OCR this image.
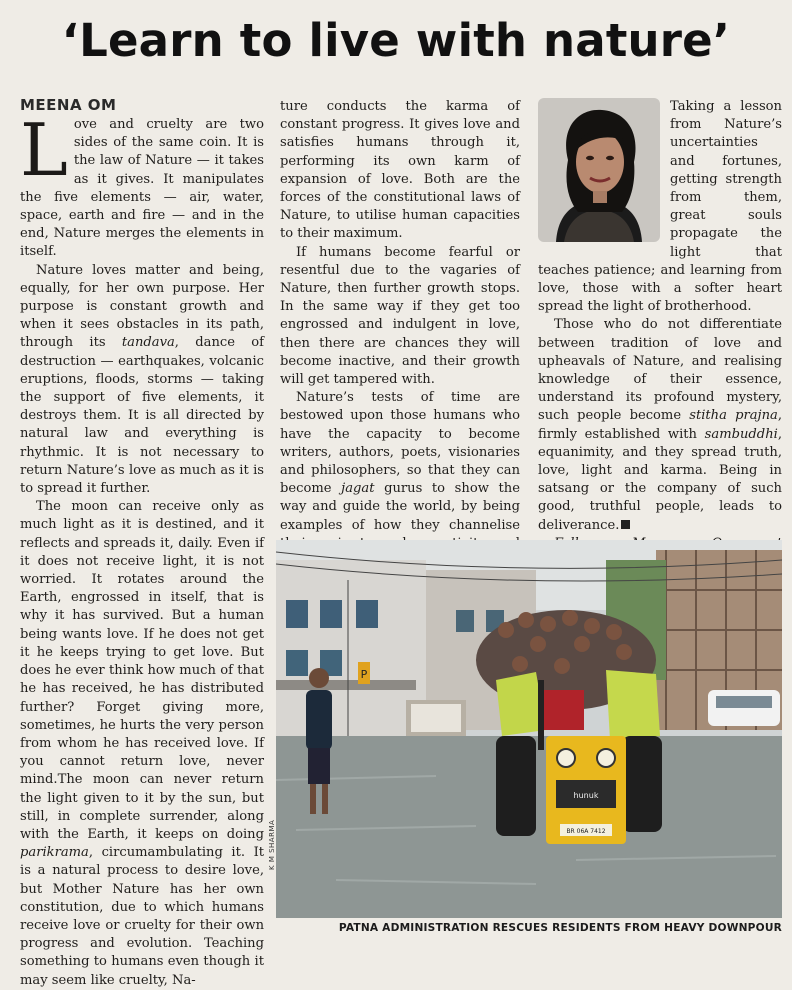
‘Learn to live with nature’
MEENA OM

Love and cruelty are two sides of the same coin. It is the law of Nature — it takes as it gives. It manipulates the five elements — air, water, space, earth and fire — and in the end, Nature merges the elements in itself.

Nature loves matter and being, equally, for her own purpose. Her purpose is constant growth and when it sees obstacles in its path, through its tandava, dance of destruction — earthquakes, volcanic eruptions, floods, storms — taking the support of five elements, it destroys them. It is all directed by natural law and everything is rhythmic. It is not necessary to return Nature’s love as much as it is to spread it further.

The moon can receive only as much light as it is destined, and it reflects and spreads it, daily. Even if it does not receive light, it is not worried. It rotates around the Earth, engrossed in itself, that is why it has survived. But a human being wants love. If he does not get it he keeps trying to get love. But does he ever think how much of that he has received, he has distributed further? Forget giving more, sometimes, he hurts the very person from whom he has received love. If you cannot return love, never mind.The moon can never return the light given to it by the sun, but still, in complete surrender, along with the Earth, it keeps on doing parikrama, circumambulating it. It is a natural process to desire love, but Mother Nature has her own constitution, due to which humans receive love or cruelty for their own progress and evolution. Teaching something to humans even though it may seem like cruelty, Na-

ture conducts the karma of constant progress. It gives love and satisfies humans through it, performing its own karm of expansion of love. Both are the forces of the constitutional laws of Nature, to utilise human capacities to their maximum.

If humans become fearful or resentful due to the vagaries of Nature, then further growth stops. In the same way if they get too engrossed and indulgent in love, then there are chances they will become inactive, and their growth will get tampered with.

Nature’s tests of time are bestowed upon those humans who have the capacity to become writers, authors, poets, visionaries and philosophers, so that they can become jagat gurus to show the way and guide the world, by being examples of how they channelise

Taking a lesson from Nature’s uncertainties and fortunes, getting strength from them, great souls propagate the light that teaches patience; and learning from love, those with a softer heart spread the light of brotherhood.

Those who do not differentiate between tradition of love and upheavals of Nature, and realising knowledge of their essence, understand its profound mystery, such people become stitha prajna, firmly established with sambuddhi, equanimity, and they spread truth, love, light and karma. Being in satsang or the company of such good, truthful people, leads to deliverance.

P
hunuk
BR 06A 7412
K M SHARMA
PATNA ADMINISTRATION RESCUES RESIDENTS FROM HEAVY DOWNPOUR
